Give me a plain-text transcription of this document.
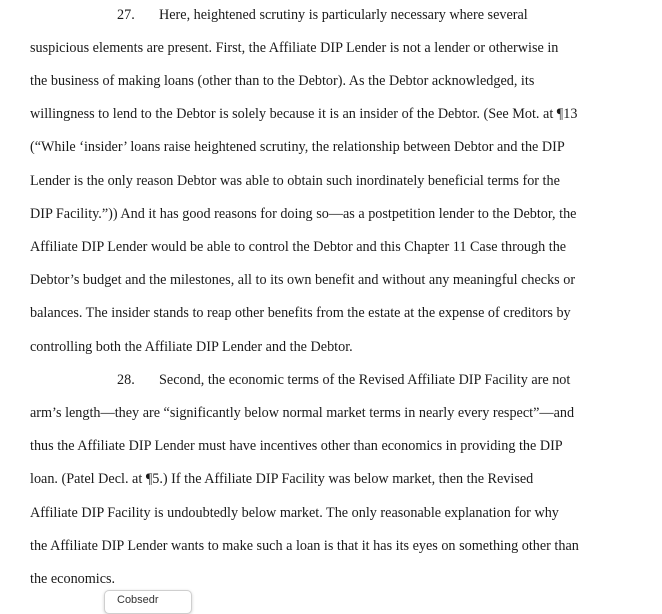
27. Here, heightened scrutiny is particularly necessary where several
suspicious elements are present. First, the Affiliate DIP Lender is not a lender or otherwise in
the business of making loans (other than to the Debtor). As the Debtor acknowledged, its
willingness to lend to the Debtor is solely because it is an insider of the Debtor. (See Mot. at ¶13
(“While ‘insider’ loans raise heightened scrutiny, the relationship between Debtor and the DIP
Lender is the only reason Debtor was able to obtain such inordinately beneficial terms for the
DIP Facility.”)) And it has good reasons for doing so—as a postpetition lender to the Debtor, the
Affiliate DIP Lender would be able to control the Debtor and this Chapter 11 Case through the
Debtor’s budget and the milestones, all to its own benefit and without any meaningful checks or
balances. The insider stands to reap other benefits from the estate at the expense of creditors by
controlling both the Affiliate DIP Lender and the Debtor.
28. Second, the economic terms of the Revised Affiliate DIP Facility are not
arm’s length—they are “significantly below normal market terms in nearly every respect”—and
thus the Affiliate DIP Lender must have incentives other than economics in providing the DIP
loan. (Patel Decl. at ¶5.) If the Affiliate DIP Facility was below market, then the Revised
Affiliate DIP Facility is undoubtedly below market. The only reasonable explanation for why
the Affiliate DIP Lender wants to make such a loan is that it has its eyes on something other than
the economics.
Cobsedr
